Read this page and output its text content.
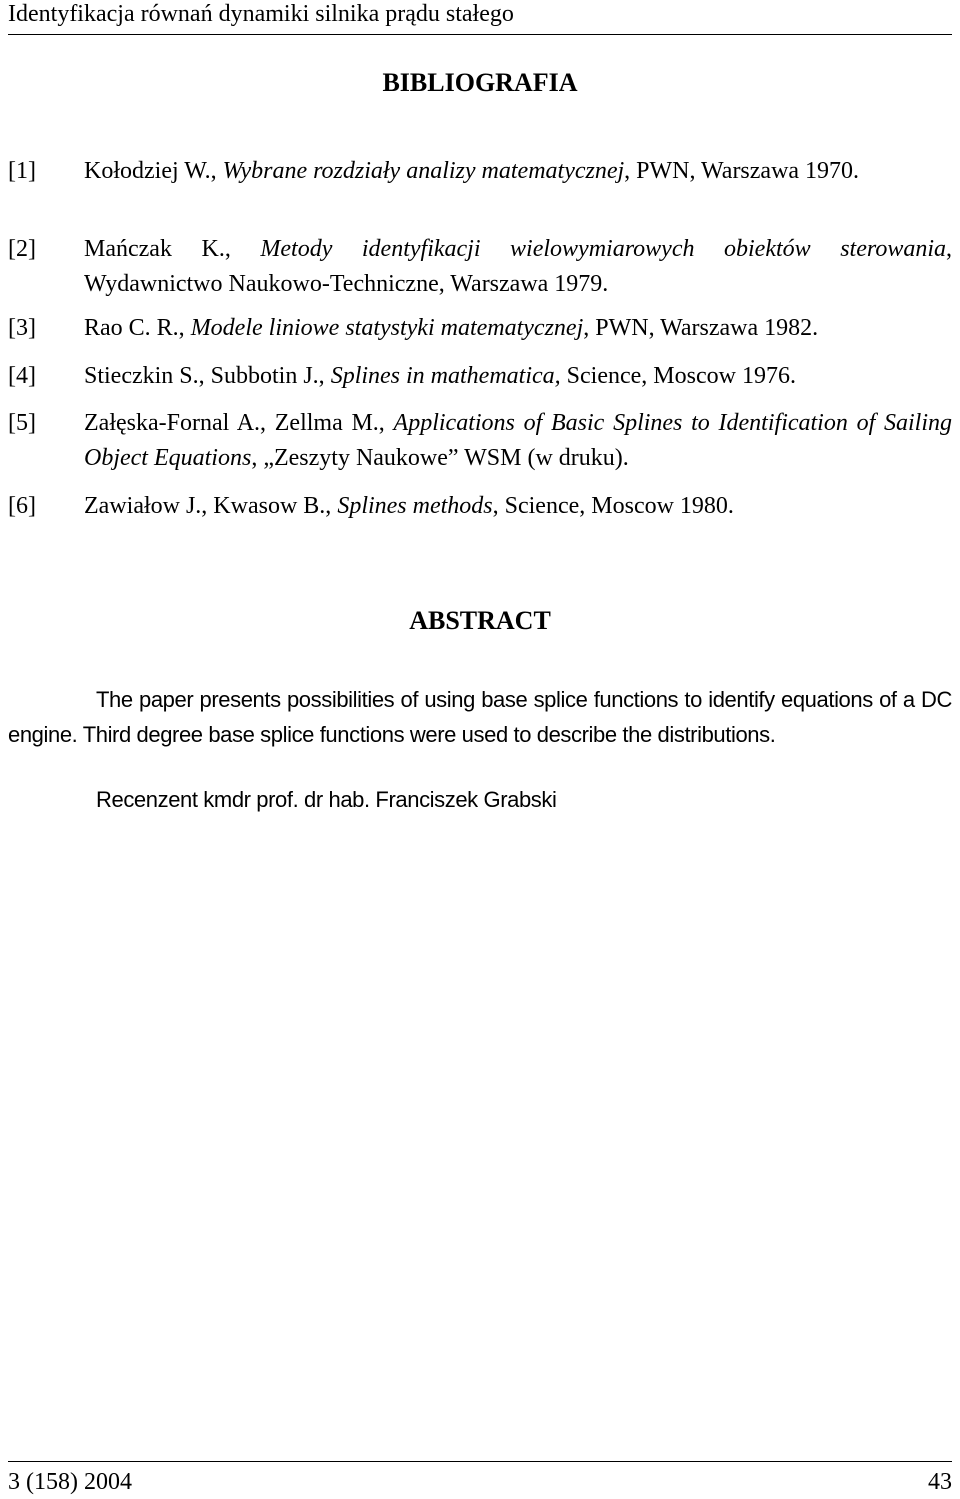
Identyfikacja równań dynamiki silnika prądu stałego
BIBLIOGRAFIA
[1] Kołodziej W., Wybrane rozdziały analizy matematycznej, PWN, Warszawa 1970.
[2] Mańczak K., Metody identyfikacji wielowymiarowych obiektów sterowania, Wydawnictwo Naukowo-Techniczne, Warszawa 1979.
[3] Rao C. R., Modele liniowe statystyki matematycznej, PWN, Warszawa 1982.
[4] Stieczkin S., Subbotin J., Splines in mathematica, Science, Moscow 1976.
[5] Załęska-Fornal A., Zellma M., Applications of Basic Splines to Identification of Sailing Object Equations, „Zeszyty Naukowe” WSM (w druku).
[6] Zawiałow J., Kwasow B., Splines methods, Science, Moscow 1980.
ABSTRACT
The paper presents possibilities of using base splice functions to identify equations of a DC engine. Third degree base splice functions were used to describe the distributions.
Recenzent kmdr prof. dr hab. Franciszek Grabski
3 (158) 2004	43
